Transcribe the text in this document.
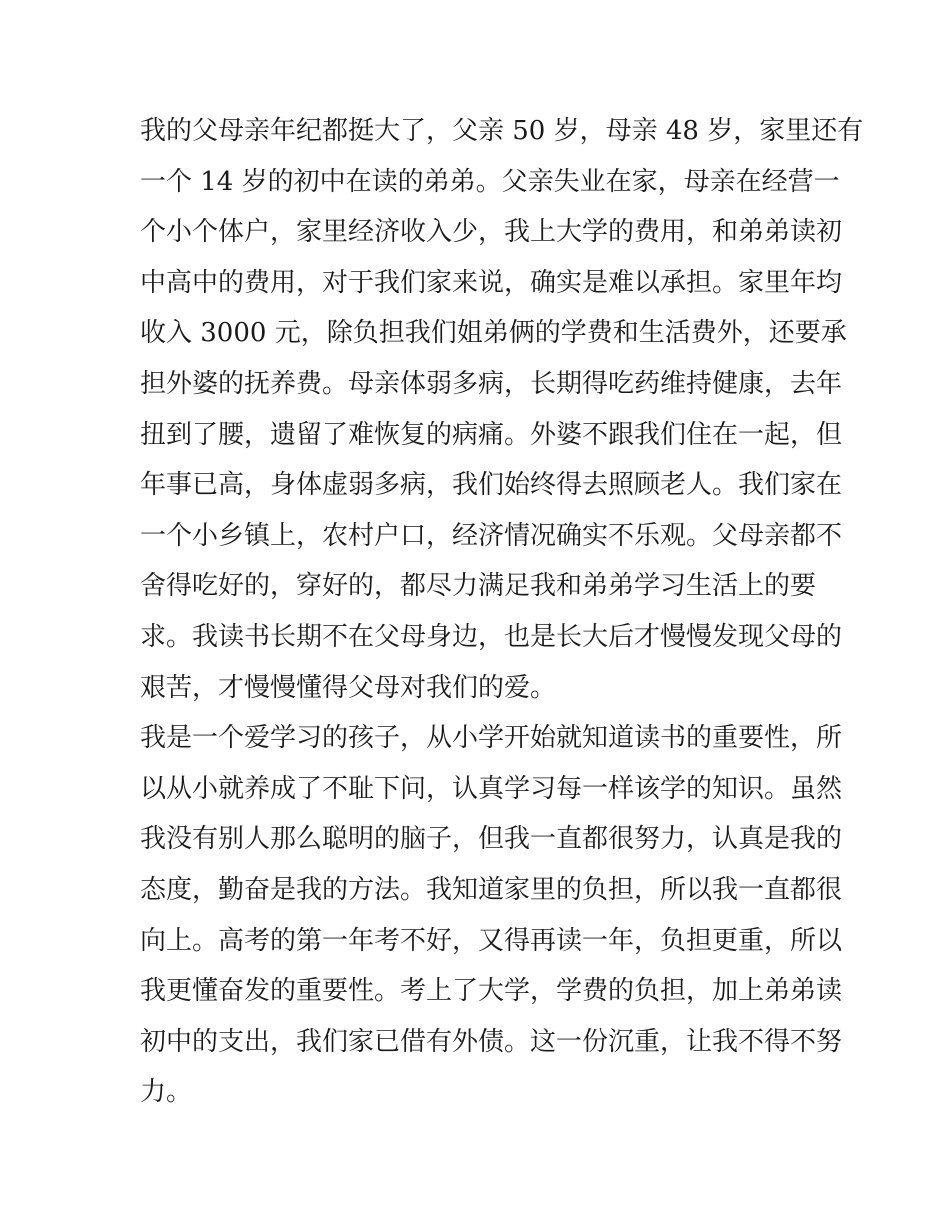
我的父母亲年纪都挺大了，父亲 50 岁，母亲 48 岁，家里还有
一个 14 岁的初中在读的弟弟。父亲失业在家，母亲在经营一
个小个体户，家里经济收入少，我上大学的费用，和弟弟读初
中高中的费用，对于我们家来说，确实是难以承担。家里年均
收入 3000 元，除负担我们姐弟俩的学费和生活费外，还要承
担外婆的抚养费。母亲体弱多病，长期得吃药维持健康，去年
扭到了腰，遗留了难恢复的病痛。外婆不跟我们住在一起，但
年事已高，身体虚弱多病，我们始终得去照顾老人。我们家在
一个小乡镇上，农村户口，经济情况确实不乐观。父母亲都不
舍得吃好的，穿好的，都尽力满足我和弟弟学习生活上的要
求。我读书长期不在父母身边，也是长大后才慢慢发现父母的
艰苦，才慢慢懂得父母对我们的爱。
我是一个爱学习的孩子，从小学开始就知道读书的重要性，所
以从小就养成了不耻下问，认真学习每一样该学的知识。虽然
我没有别人那么聪明的脑子，但我一直都很努力，认真是我的
态度，勤奋是我的方法。我知道家里的负担，所以我一直都很
向上。高考的第一年考不好，又得再读一年，负担更重，所以
我更懂奋发的重要性。考上了大学，学费的负担，加上弟弟读
初中的支出，我们家已借有外债。这一份沉重，让我不得不努
力。
